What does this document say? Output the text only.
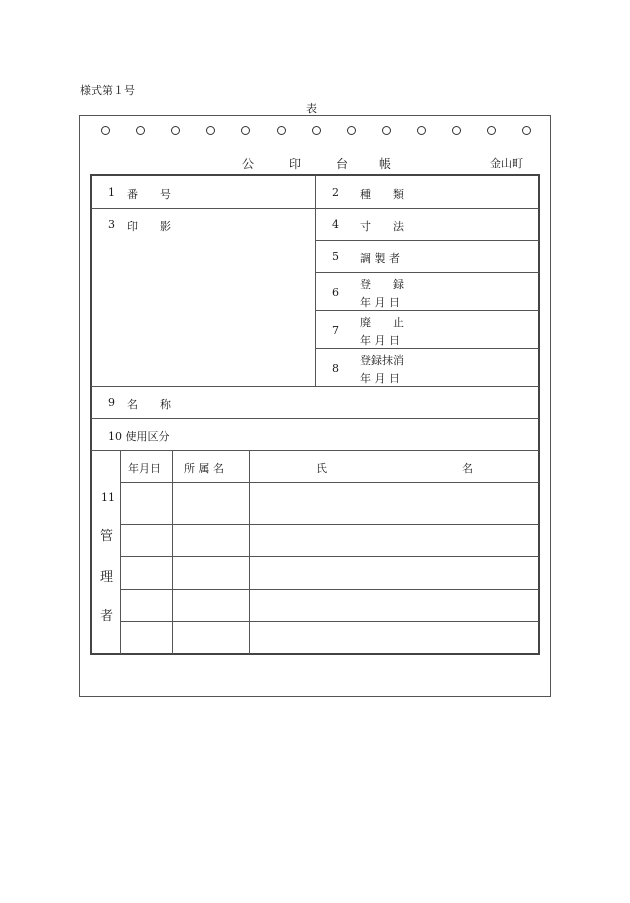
様式第１号
表
公	印	台	帳	金山町
1 番　　号	2 種　　類
3 印　　影	4 寸　　法
5 調 製 者
6
登　　録
年 月 日
7
廃　　止
年 月 日
8
登録抹消
年 月 日
9 名　　称
10 使用区分
年月日 所 属 名	氏	名
11
管
理
者
